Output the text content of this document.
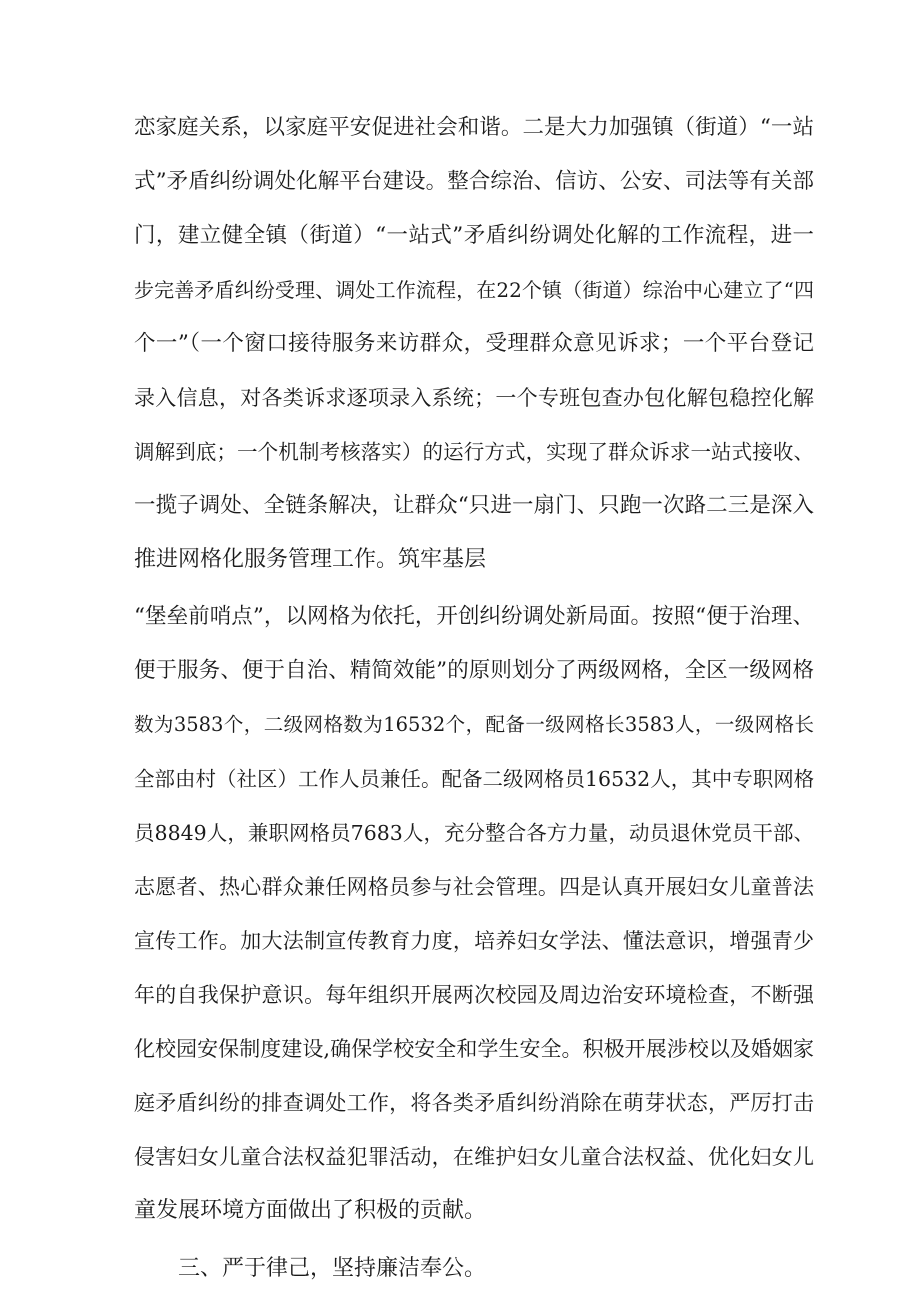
恋家庭关系，以家庭平安促进社会和谐。二是大力加强镇（街道）“一站
式”矛盾纠纷调处化解平台建设。整合综治、信访、公安、司法等有关部
门，建立健全镇（街道）“一站式”矛盾纠纷调处化解的工作流程，进一
步完善矛盾纠纷受理、调处工作流程，在22个镇（街道）综治中心建立了“四
个一”（一个窗口接待服务来访群众，受理群众意见诉求；一个平台登记
录入信息，对各类诉求逐项录入系统；一个专班包查办包化解包稳控化解
调解到底；一个机制考核落实）的运行方式，实现了群众诉求一站式接收、
一揽子调处、全链条解决，让群众“只进一扇门、只跑一次路二三是深入
推进网格化服务管理工作。筑牢基层
“堡垒前哨点”，以网格为依托，开创纠纷调处新局面。按照“便于治理、
便于服务、便于自治、精简效能”的原则划分了两级网格，全区一级网格
数为3583个，二级网格数为16532个，配备一级网格长3583人，一级网格长
全部由村（社区）工作人员兼任。配备二级网格员16532人，其中专职网格
员8849人，兼职网格员7683人，充分整合各方力量，动员退休党员干部、
志愿者、热心群众兼任网格员参与社会管理。四是认真开展妇女儿童普法
宣传工作。加大法制宣传教育力度，培养妇女学法、懂法意识，增强青少
年的自我保护意识。每年组织开展两次校园及周边治安环境检查，不断强
化校园安保制度建设,确保学校安全和学生安全。积极开展涉校以及婚姻家
庭矛盾纠纷的排查调处工作，将各类矛盾纠纷消除在萌芽状态，严厉打击
侵害妇女儿童合法权益犯罪活动，在维护妇女儿童合法权益、优化妇女儿
童发展环境方面做出了积极的贡献。
三、严于律己，坚持廉洁奉公。
